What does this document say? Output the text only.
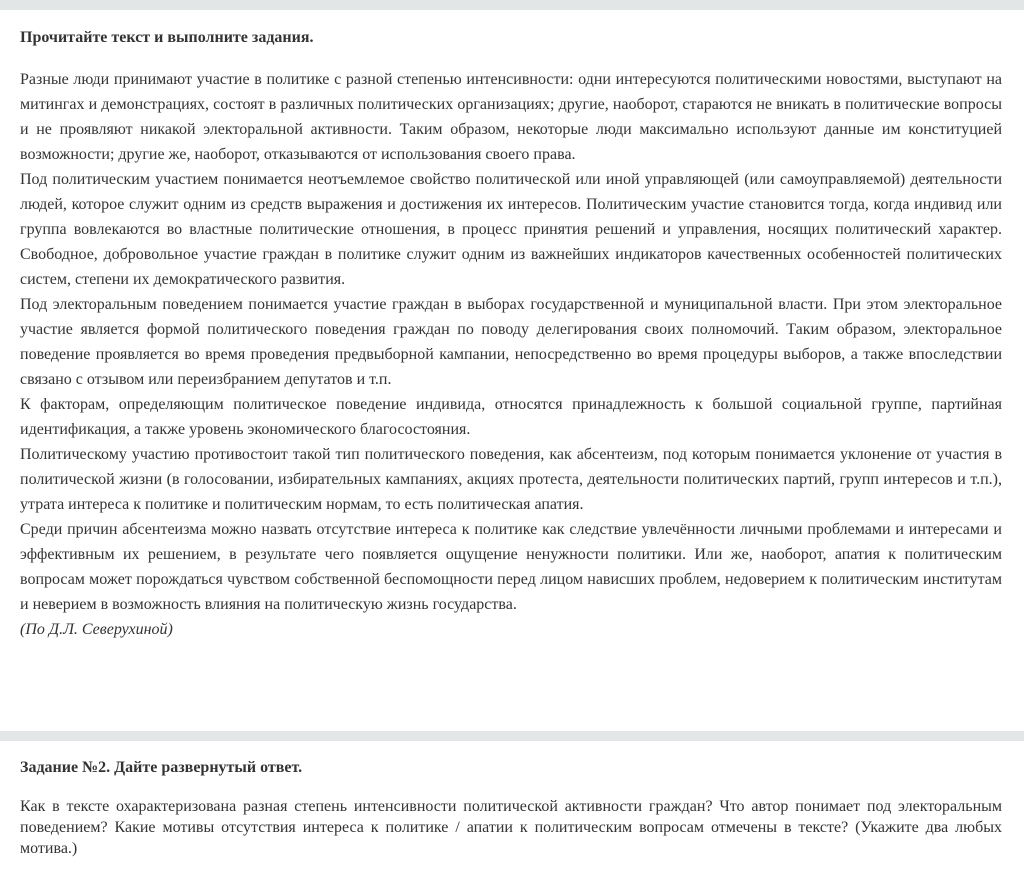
Прочитайте текст и выполните задания.

Разные люди принимают участие в политике с разной степенью интенсивности: одни интересуются политическими новостями, выступают на митингах и демонстрациях, состоят в различных политических организациях; другие, наоборот, стараются не вникать в политические вопросы и не проявляют никакой электоральной активности. Таким образом, некоторые люди максимально используют данные им конституцией возможности; другие же, наоборот, отказываются от использования своего права.

Под политическим участием понимается неотъемлемое свойство политической или иной управляющей (или самоуправляемой) деятельности людей, которое служит одним из средств выражения и достижения их интересов. Политическим участие становится тогда, когда индивид или группа вовлекаются во властные политические отношения, в процесс принятия решений и управления, носящих политический характер. Свободное, добровольное участие граждан в политике служит одним из важнейших индикаторов качественных особенностей политических систем, степени их демократического развития.

Под электоральным поведением понимается участие граждан в выборах государственной и муниципальной власти. При этом электоральное участие является формой политического поведения граждан по поводу делегирования своих полномочий. Таким образом, электоральное поведение проявляется во время проведения предвыборной кампании, непосредственно во время процедуры выборов, а также впоследствии связано с отзывом или переизбранием депутатов и т.п.

К факторам, определяющим политическое поведение индивида, относятся принадлежность к большой социальной группе, партийная идентификация, а также уровень экономического благосостояния.

Политическому участию противостоит такой тип политического поведения, как абсентеизм, под которым понимается уклонение от участия в политической жизни (в голосовании, избирательных кампаниях, акциях протеста, деятельности политических партий, групп интересов и т.п.), утрата интереса к политике и политическим нормам, то есть политическая апатия.

Среди причин абсентеизма можно назвать отсутствие интереса к политике как следствие увлечённости личными проблемами и интересами и эффективным их решением, в результате чего появляется ощущение ненужности политики. Или же, наоборот, апатия к политическим вопросам может порождаться чувством собственной беспомощности перед лицом нависших проблем, недоверием к политическим институтам и неверием в возможность влияния на политическую жизнь государства.

(По Д.Л. Северухиной)

Задание №2. Дайте развернутый ответ.
Как в тексте охарактеризована разная степень интенсивности политической активности граждан? Что автор понимает под электоральным поведением? Какие мотивы отсутствия интереса к политике / апатии к политическим вопросам отмечены в тексте? (Укажите два любых мотива.)
